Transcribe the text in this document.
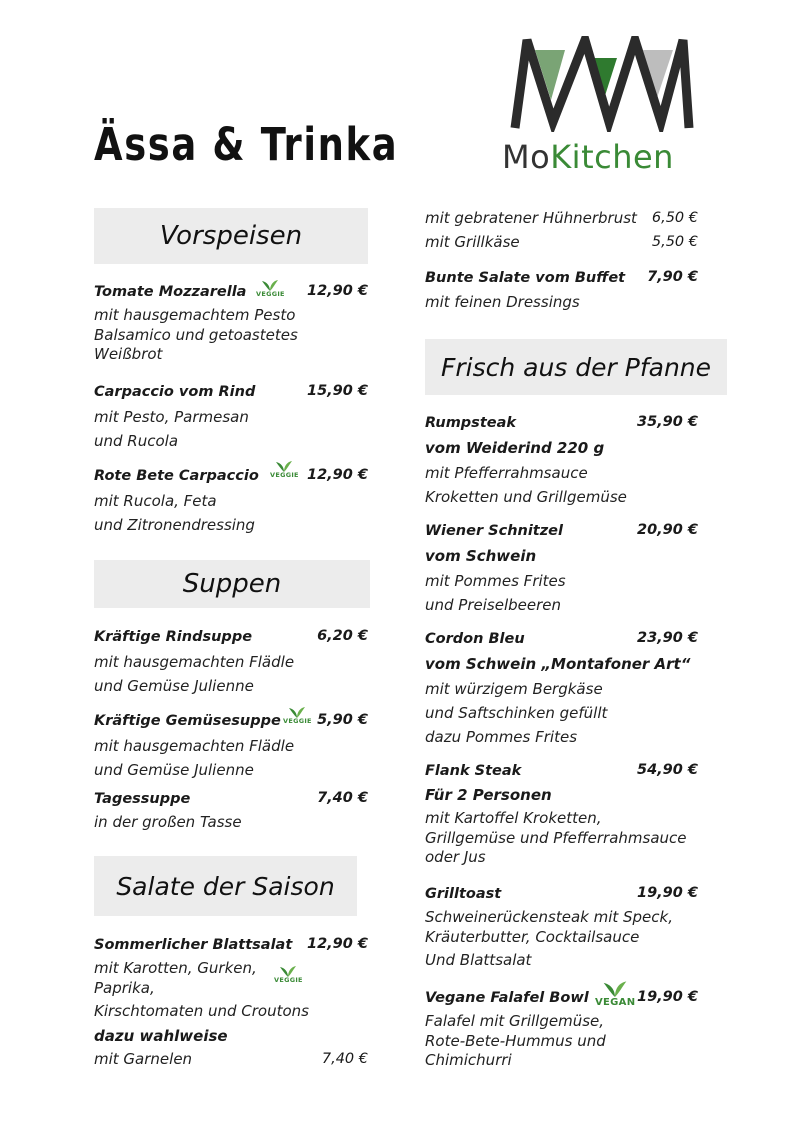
Ässa & Trinka	MoKitchen
Vorspeisen
Tomate Mozzarella VEGGIE	12,90 €
mit hausgemachtem Pesto
Balsamico und getoastetes
Weißbrot
Carpaccio vom Rind	15,90 €
mit Pesto, Parmesan
und Rucola
Rote Bete Carpaccio VEGGIE 12,90 €
mit Rucola, Feta
und Zitronendressing
Suppen
Kräftige Rindsuppe	6,20 €
mit hausgemachten Flädle
und Gemüse Julienne
Kräftige Gemüsesuppe VEGGIE 5,90 €
mit hausgemachten Flädle
und Gemüse Julienne
Tagessuppe	7,40 €
in der großen Tasse
Salate der Saison
Sommerlicher Blattsalat	12,90 €
mit Karotten, Gurken,
Paprika,
Kirschtomaten und Croutons
VEGGIE
dazu wahlweise
mit Garnelen	7,40 €
mit gebratener Hühnerbrust	6,50 €
mit Grillkäse	5,50 €
Bunte Salate vom Buffet	7,90 €
mit feinen Dressings
Frisch aus der Pfanne
Rumpsteak	35,90 €
vom Weiderind 220 g
mit Pfefferrahmsauce
Kroketten und Grillgemüse
Wiener Schnitzel	20,90 €
vom Schwein
mit Pommes Frites
und Preiselbeeren
Cordon Bleu	23,90 €
vom Schwein „Montafoner Art“
mit würzigem Bergkäse
und Saftschinken gefüllt
dazu Pommes Frites
Flank Steak	54,90 €
Für 2 Personen
mit Kartoffel Kroketten,
Grillgemüse und Pfefferrahmsauce
oder Jus
Grilltoast	19,90 €
Schweinerückensteak mit Speck,
Kräuterbutter, Cocktailsauce
Und Blattsalat
Vegane Falafel Bowl VEGAN 19,90 €
Falafel mit Grillgemüse,
Rote-Bete-Hummus und
Chimichurri
